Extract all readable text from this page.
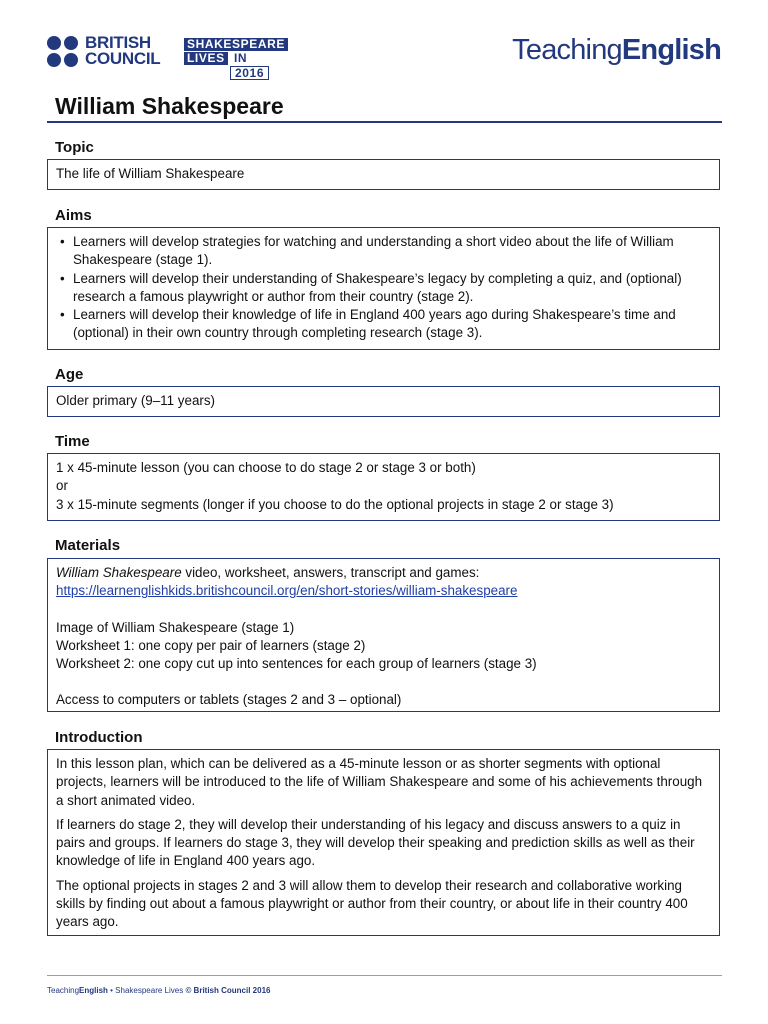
BRITISH
COUNCIL
SHAKESPEARE
LIVES IN
2016
TeachingEnglish
William Shakespeare
Topic
The life of William Shakespeare
Aims
• Learners will develop strategies for watching and understanding a short video about the life of William Shakespeare (stage 1).
• Learners will develop their understanding of Shakespeare’s legacy by completing a quiz, and (optional) research a famous playwright or author from their country (stage 2).
• Learners will develop their knowledge of life in England 400 years ago during Shakespeare’s time and (optional) in their own country through completing research (stage 3).
Age
Older primary (9–11 years)
Time
1 x 45-minute lesson (you can choose to do stage 2 or stage 3 or both)
or
3 x 15-minute segments (longer if you choose to do the optional projects in stage 2 or stage 3)
Materials
William Shakespeare video, worksheet, answers, transcript and games:
https://learnenglishkids.britishcouncil.org/en/short-stories/william-shakespeare
Image of William Shakespeare (stage 1)
Worksheet 1: one copy per pair of learners (stage 2)
Worksheet 2: one copy cut up into sentences for each group of learners (stage 3)
Access to computers or tablets (stages 2 and 3 – optional)
Introduction

In this lesson plan, which can be delivered as a 45-minute lesson or as shorter segments with optional projects, learners will be introduced to the life of William Shakespeare and some of his achievements through a short animated video.

If learners do stage 2, they will develop their understanding of his legacy and discuss answers to a quiz in pairs and groups. If learners do stage 3, they will develop their speaking and prediction skills as well as their knowledge of life in England 400 years ago.

The optional projects in stages 2 and 3 will allow them to develop their research and collaborative working skills by finding out about a famous playwright or author from their country, or about life in their country 400 years ago.

TeachingEnglish • Shakespeare Lives © British Council 2016
